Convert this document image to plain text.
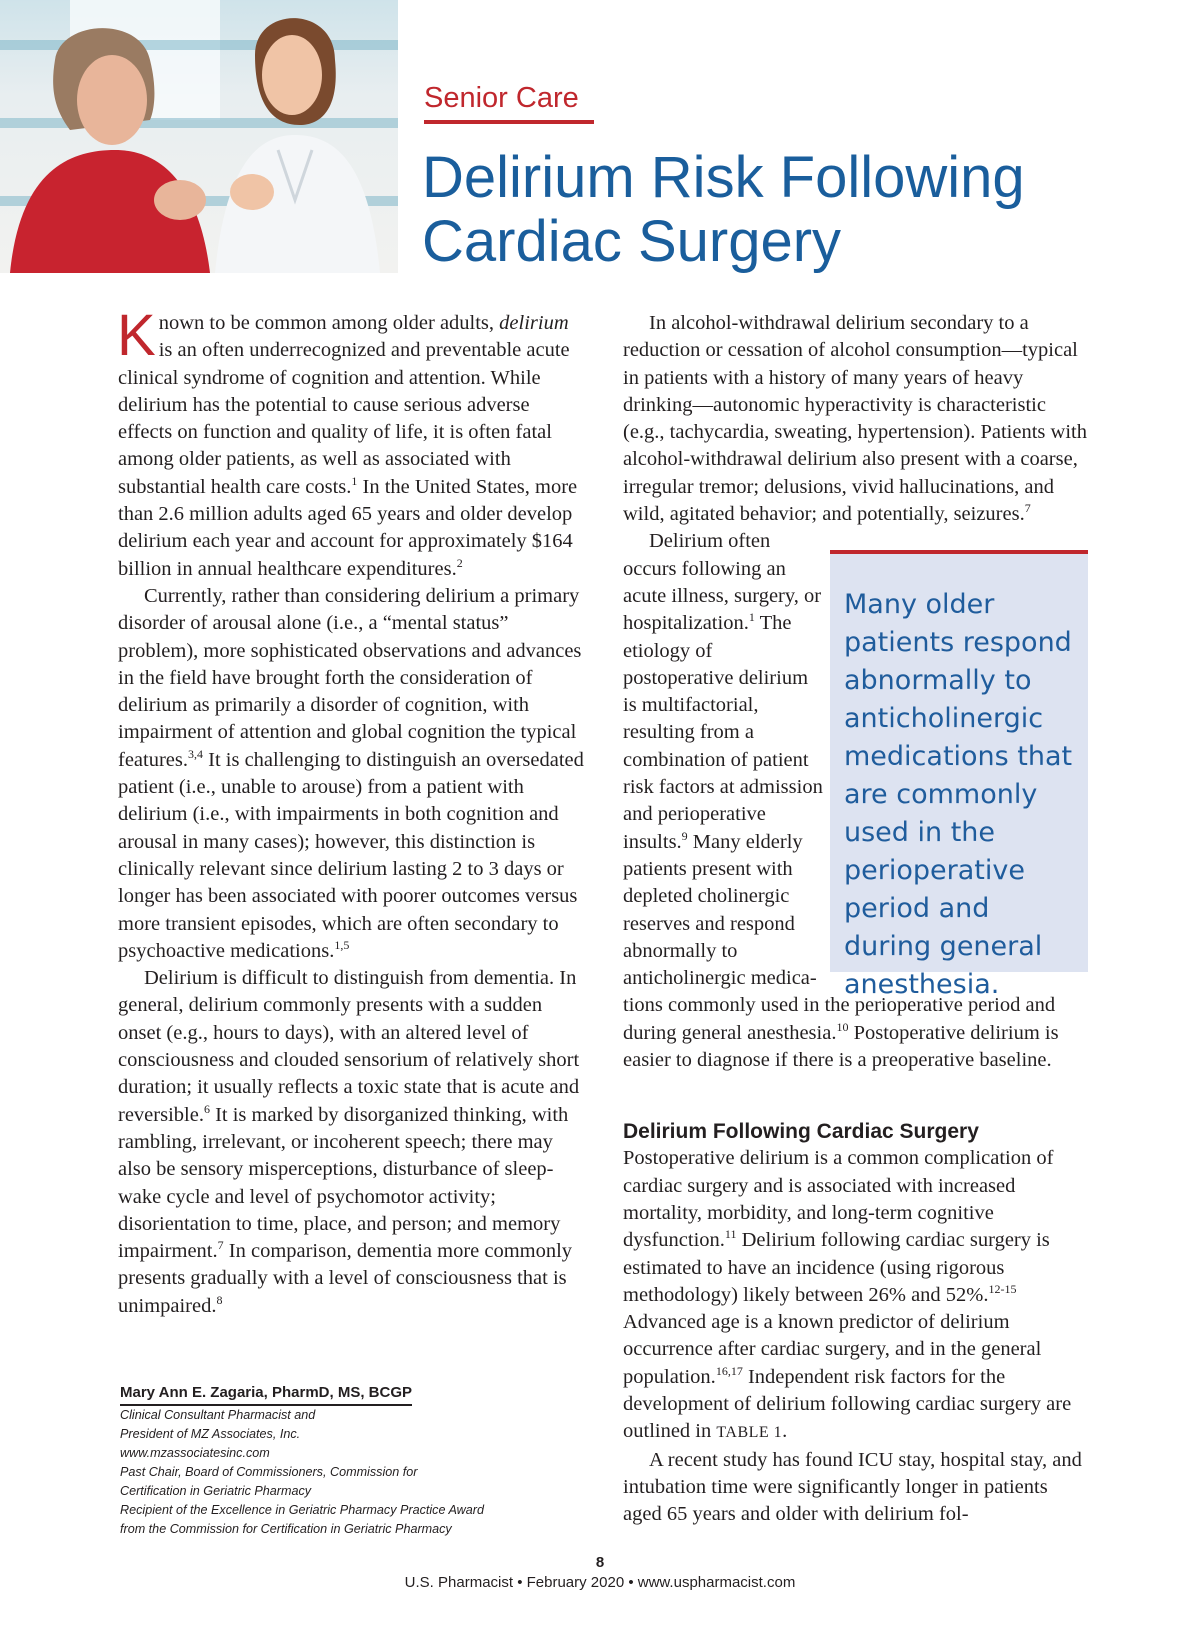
Senior Care
Delirium Risk Following Cardiac Surgery

Known to be common among older adults, delirium is an often underrecognized and preventable acute clinical syndrome of cognition and attention. While delirium has the potential to cause serious adverse effects on function and quality of life, it is often fatal among older patients, as well as associated with substantial health care costs.$^1$ In the United States, more than 2.6 million adults aged 65 years and older develop delirium each year and account for approximately $164 billion in annual healthcare expenditures.$^2$

Currently, rather than considering delirium a primary disorder of arousal alone (i.e., a “mental status” problem), more sophisticated observations and advances in the field have brought forth the consideration of delirium as primarily a disorder of cognition, with impairment of attention and global cognition the typical features.$^{3,4}$ It is challenging to distinguish an oversedated patient (i.e., unable to arouse) from a patient with delirium (i.e., with impairments in both cognition and arousal in many cases); however, this distinction is clinically relevant since delirium lasting 2 to 3 days or longer has been associated with poorer outcomes versus more transient episodes, which are often secondary to psychoactive medications.$^{1,5}$

Delirium is difficult to distinguish from dementia. In general, delirium commonly presents with a sudden onset (e.g., hours to days), with an altered level of consciousness and clouded sensorium of relatively short duration; it usually reflects a toxic state that is acute and reversible.$^6$ It is marked by disorganized thinking, with rambling, irrelevant, or incoherent speech; there may also be sensory misperceptions, disturbance of sleep-wake cycle and level of psychomotor activity; disorientation to time, place, and person; and memory impairment.$^7$ In comparison, dementia more commonly presents gradually with a level of consciousness that is unimpaired.$^8$

Mary Ann E. Zagaria, PharmD, MS, BCGP
Clinical Consultant Pharmacist and
President of MZ Associates, Inc.
www.mzassociatesinc.com
Past Chair, Board of Commissioners, Commission for
Certification in Geriatric Pharmacy
Recipient of the Excellence in Geriatric Pharmacy Practice Award
from the Commission for Certification in Geriatric Pharmacy

In alcohol-withdrawal delirium secondary to a reduction or cessation of alcohol consumption—typical in patients with a history of many years of heavy drinking—autonomic hyperactivity is characteristic (e.g., tachycardia, sweating, hypertension). Patients with alcohol-withdrawal delirium also present with a coarse, irregular tremor; delusions, vivid hallucinations, and wild, agitated behavior; and potentially, seizures.$^7$

Delirium often occurs following an acute illness, surgery, or hospitalization.$^1$ The etiology of postoperative delirium is multifactorial, resulting from a combination of patient risk factors at admission and perioperative insults.$^9$ Many elderly patients present with depleted cholinergic reserves and respond abnormally to anticholinergic medica-

tions commonly used in the perioperative period and during general anesthesia.$^{10}$ Postoperative delirium is easier to diagnose if there is a preoperative baseline.

Delirium Following Cardiac Surgery

Postoperative delirium is a common complication of cardiac surgery and is associated with increased mortality, morbidity, and long-term cognitive dysfunction.$^{11}$ Delirium following cardiac surgery is estimated to have an incidence (using rigorous methodology) likely between 26% and 52%.$^{12-15}$ Advanced age is a known predictor of delirium occurrence after cardiac surgery, and in the general population.$^{16,17}$ Independent risk factors for the development of delirium following cardiac surgery are outlined in TABLE 1.

A recent study has found ICU stay, hospital stay, and intubation time were significantly longer in patients aged 65 years and older with delirium fol-

Many older patients respond abnormally to anticholinergic medications that are commonly used in the perioperative period and during general anesthesia.
8
U.S. Pharmacist • February 2020 • www.uspharmacist.com
